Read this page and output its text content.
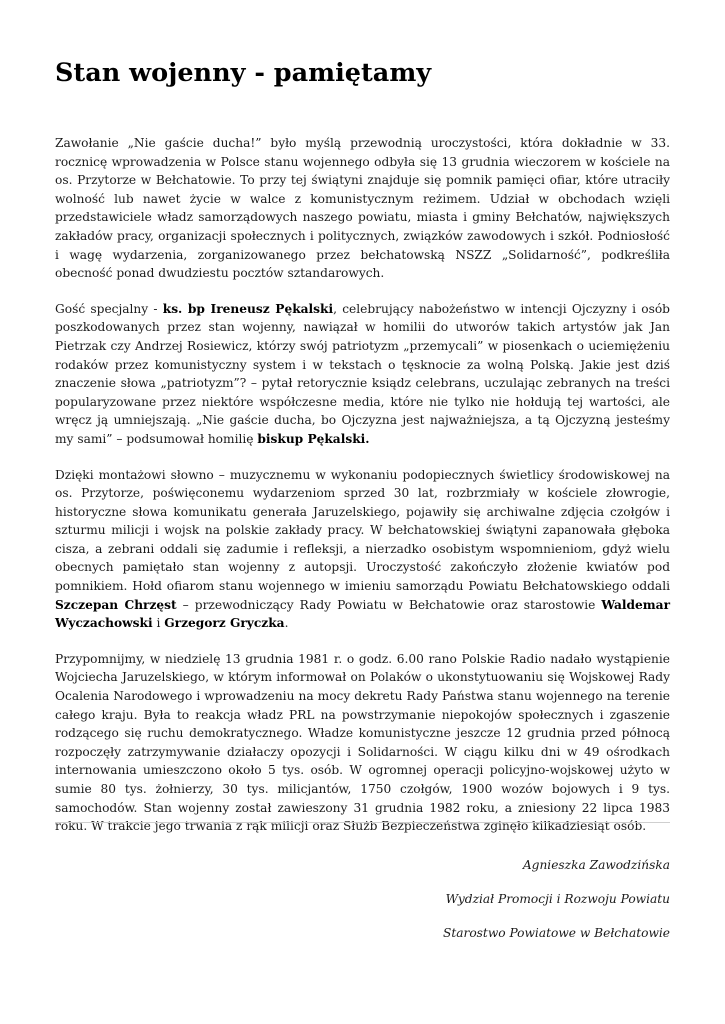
Stan wojenny - pamiętamy

Zawołanie „Nie gaście ducha!” było myślą przewodnią uroczystości, która dokładnie w 33. rocznicę wprowadzenia w Polsce stanu wojennego odbyła się 13 grudnia wieczorem w kościele na os. Przytorze w Bełchatowie. To przy tej świątyni znajduje się pomnik pamięci ofiar, które utraciły wolność lub nawet życie w walce z komunistycznym reżimem. Udział w obchodach wzięli przedstawiciele władz samorządowych naszego powiatu, miasta i gminy Bełchatów, największych zakładów pracy, organizacji społecznych i politycznych, związków zawodowych i szkół. Podniosłość i wagę wydarzenia, zorganizowanego przez bełchatowską NSZZ „Solidarność”, podkreśliła obecność ponad dwudziestu pocztów sztandarowych.

Gość specjalny - ks. bp Ireneusz Pękalski, celebrujący nabożeństwo w intencji Ojczyzny i osób poszkodowanych przez stan wojenny, nawiązał w homilii do utworów takich artystów jak Jan Pietrzak czy Andrzej Rosiewicz, którzy swój patriotyzm „przemycali” w piosenkach o uciemiężeniu rodaków przez komunistyczny system i w tekstach o tęsknocie za wolną Polską. Jakie jest dziś znaczenie słowa „patriotyzm”? – pytał retorycznie ksiądz celebrans, uczulając zebranych na treści popularyzowane przez niektóre współczesne media, które nie tylko nie hołdują tej wartości, ale wręcz ją umniejszają. „Nie gaście ducha, bo Ojczyzna jest najważniejsza, a tą Ojczyzną jesteśmy my sami” – podsumował homilię biskup Pękalski.

Dzięki montażowi słowno – muzycznemu w wykonaniu podopiecznych świetlicy środowiskowej na os. Przytorze, poświęconemu wydarzeniom sprzed 30 lat, rozbrzmiały w kościele złowrogie, historyczne słowa komunikatu generała Jaruzelskiego, pojawiły się archiwalne zdjęcia czołgów i szturmu milicji i wojsk na polskie zakłady pracy. W bełchatowskiej świątyni zapanowała głęboka cisza, a zebrani oddali się zadumie i refleksji, a nierzadko osobistym wspomnieniom, gdyż wielu obecnych pamiętało stan wojenny z autopsji. Uroczystość zakończyło złożenie kwiatów pod pomnikiem. Hołd ofiarom stanu wojennego w imieniu samorządu Powiatu Bełchatowskiego oddali Szczepan Chrzęst – przewodniczący Rady Powiatu w Bełchatowie oraz starostowie Waldemar Wyczachowski i Grzegorz Gryczka.

Przypomnijmy, w niedzielę 13 grudnia 1981 r. o godz. 6.00 rano Polskie Radio nadało wystąpienie Wojciecha Jaruzelskiego, w którym informował on Polaków o ukonstytuowaniu się Wojskowej Rady Ocalenia Narodowego i wprowadzeniu na mocy dekretu Rady Państwa stanu wojennego na terenie całego kraju. Była to reakcja władz PRL na powstrzymanie niepokojów społecznych i zgaszenie rodzącego się ruchu demokratycznego. Władze komunistyczne jeszcze 12 grudnia przed północą rozpoczęły zatrzymywanie działaczy opozycji i Solidarności. W ciągu kilku dni w 49 ośrodkach internowania umieszczono około 5 tys. osób. W ogromnej operacji policyjno-wojskowej użyto w sumie 80 tys. żołnierzy, 30 tys. milicjantów, 1750 czołgów, 1900 wozów bojowych i 9 tys. samochodów. Stan wojenny został zawieszony 31 grudnia 1982 roku, a zniesiony 22 lipca 1983 roku. W trakcie jego trwania z rąk milicji oraz Służb Bezpieczeństwa zginęło kilkadziesiąt osób.

Agnieszka Zawodzińska
Wydział Promocji i Rozwoju Powiatu
Starostwo Powiatowe w Bełchatowie
